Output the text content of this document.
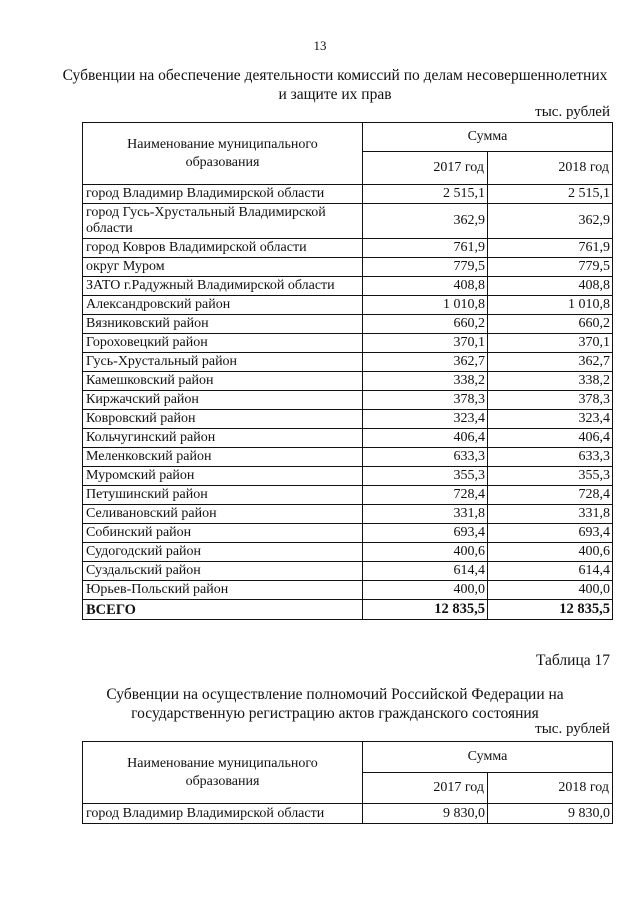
13
Субвенции на обеспечение деятельности комиссий по делам несовершеннолетних
и защите их прав
тыс. рублей
Наименование муниципального
образования	Сумма	
	2017 год	2018 год
город Владимир Владимирской области	2 515,1	2 515,1
город Гусь-Хрустальный Владимирской области	362,9	362,9
город Ковров Владимирской области	761,9	761,9
округ Муром	779,5	779,5
ЗАТО г.Радужный Владимирской области	408,8	408,8
Александровский район	1 010,8	1 010,8
Вязниковский район	660,2	660,2
Гороховецкий район	370,1	370,1
Гусь-Хрустальный район	362,7	362,7
Камешковский район	338,2	338,2
Киржачский район	378,3	378,3
Ковровский район	323,4	323,4
Кольчугинский район	406,4	406,4
Меленковский район	633,3	633,3
Муромский район	355,3	355,3
Петушинский район	728,4	728,4
Селивановский район	331,8	331,8
Собинский район	693,4	693,4
Судогодский район	400,6	400,6
Суздальский район	614,4	614,4
Юрьев-Польский район	400,0	400,0
ВСЕГО	12 835,5	12 835,5
Таблица 17
Субвенции на осуществление полномочий Российской Федерации на
государственную регистрацию актов гражданского состояния
тыс. рублей
Наименование муниципального
образования	Сумма	
	2017 год	2018 год
город Владимир Владимирской области	9 830,0	9 830,0
